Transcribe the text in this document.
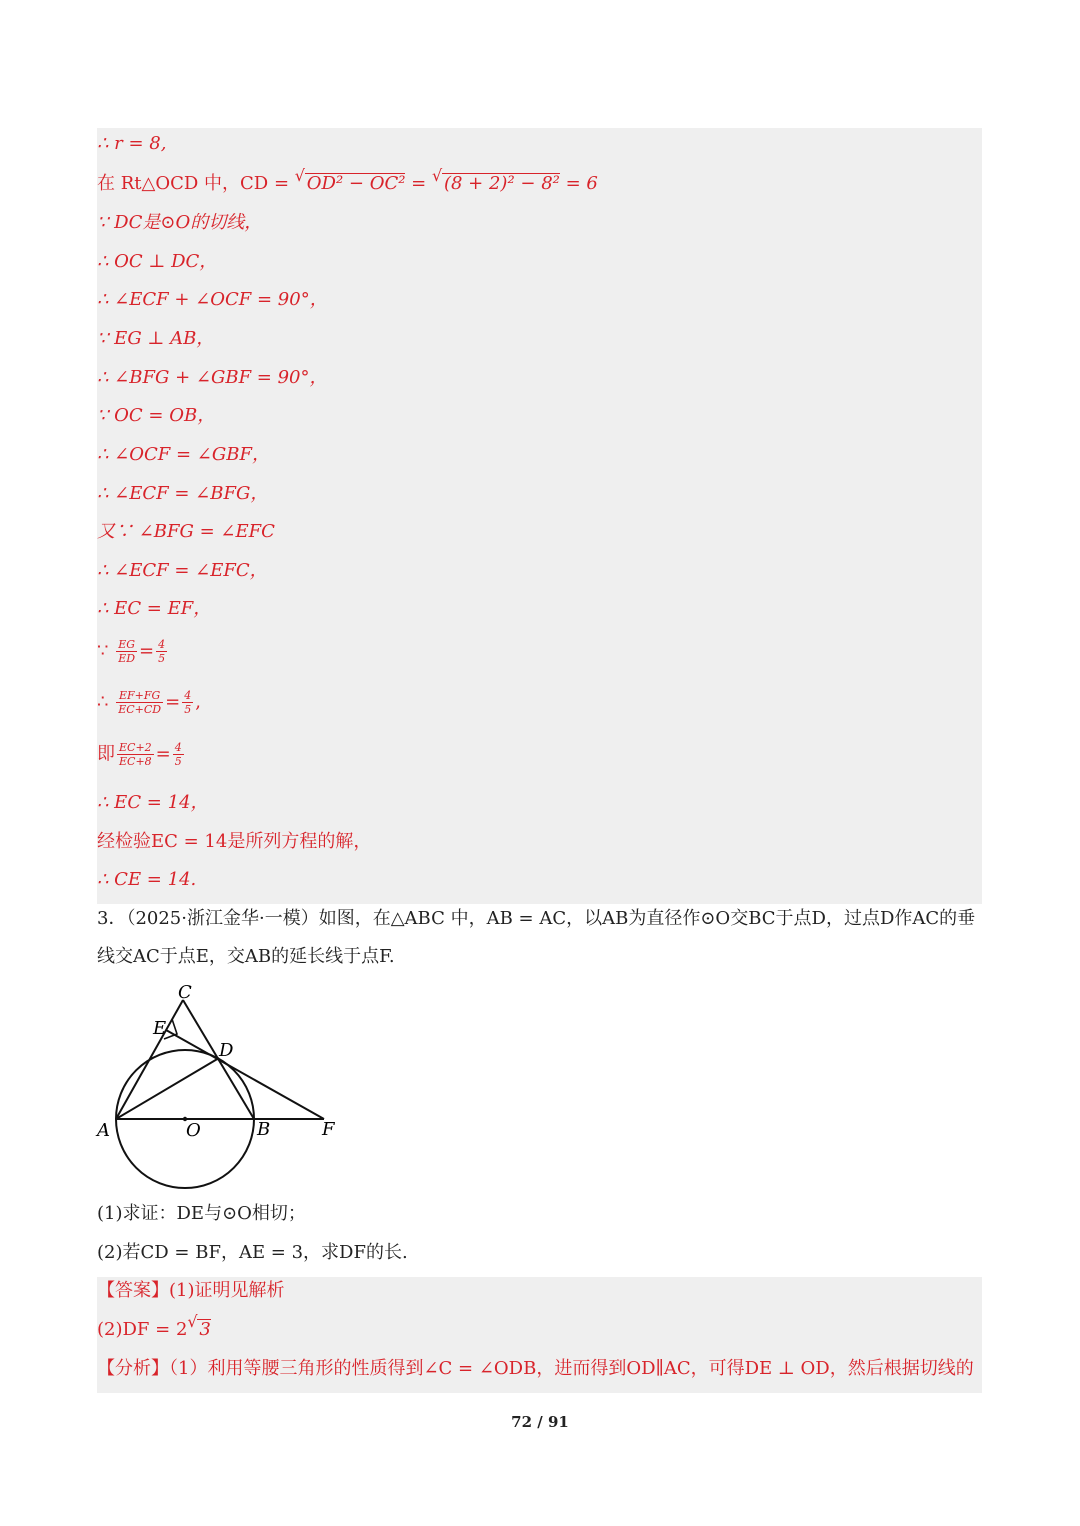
∴ r = 8,
在 Rt△OCD 中，CD = √ OD² − OC² = √ (8 + 2)² − 8² = 6
∵ DC是⊙O的切线，
∴ OC ⊥ DC，
∴ ∠ECF + ∠OCF = 90°，
∵ EG ⊥ AB，
∴ ∠BFG + ∠GBF = 90°，
∵ OC = OB，
∴ ∠OCF = ∠GBF，
∴ ∠ECF = ∠BFG，
又∵ ∠BFG = ∠EFC
∴ ∠ECF = ∠EFC，
∴ EC = EF，
∵ $\frac{EG}{ED} = \frac{4}{5}$
∴ $\frac{EF+FG}{EC+CD} = \frac{4}{5}$ ,
即 $\frac{EC+2}{EC+8} = \frac{4}{5}$
∴ EC = 14，
经检验EC = 14是所列方程的解，
∴ CE = 14.
3．（2025·浙江金华·一模）如图，在△ABC 中，AB = AC，以AB为直径作⊙O交BC于点D，过点D作AC的垂
线交AC于点E，交AB的延长线于点F.
C
E
D
A	O	B	F
(1)求证：DE与⊙O相切；
(2)若CD = BF，AE = 3，求DF的长.
【答案】(1)证明见解析
(2)DF = 2√ 3
【分析】（1）利用等腰三角形的性质得到∠C = ∠ODB，进而得到OD∥AC，可得DE ⊥ OD，然后根据切线的
72 / 91
